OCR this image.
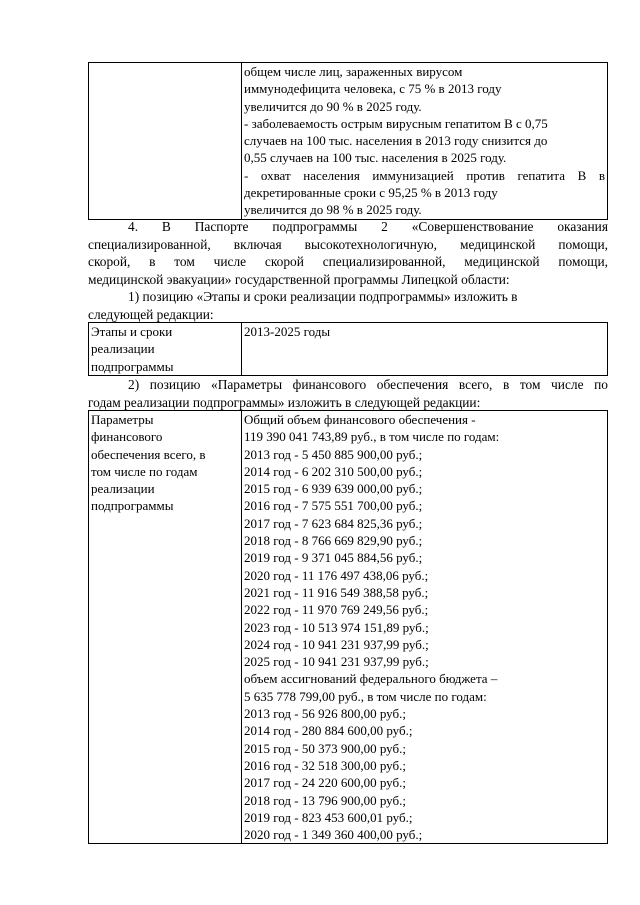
общем числе лиц, зараженных вирусом
иммунодефицита человека, с 75 % в 2013 году
увеличится до 90 % в 2025 году.
- заболеваемость острым вирусным гепатитом В с 0,75
случаев на 100 тыс. населения в 2013 году снизится до
0,55 случаев на 100 тыс. населения в 2025 году.
- охват населения иммунизацией против гепатита В в
декретированные сроки с 95,25 % в 2013 году
увеличится до 98 % в 2025 году.
4. В Паспорте подпрограммы 2 «Совершенствование оказания
специализированной, включая высокотехнологичную, медицинской помощи,
скорой, в том числе скорой специализированной, медицинской помощи,
медицинской эвакуации» государственной программы Липецкой области:
1) позицию «Этапы и сроки реализации подпрограммы» изложить в
следующей редакции:
Этапы и сроки
реализации
подпрограммы

2013-2025 годы
2) позицию «Параметры финансового обеспечения всего, в том числе по
годам реализации подпрограммы» изложить в следующей редакции:
Параметры
финансового
обеспечения всего, в
том числе по годам
реализации
подпрограммы

Общий объем финансового обеспечения -
119 390 041 743,89 руб., в том числе по годам:
2013 год - 5 450 885 900,00 руб.;
2014 год - 6 202 310 500,00 руб.;
2015 год - 6 939 639 000,00 руб.;
2016 год - 7 575 551 700,00 руб.;
2017 год - 7 623 684 825,36 руб.;
2018 год - 8 766 669 829,90 руб.;
2019 год - 9 371 045 884,56 руб.;
2020 год - 11 176 497 438,06 руб.;
2021 год - 11 916 549 388,58 руб.;
2022 год - 11 970 769 249,56 руб.;
2023 год - 10 513 974 151,89 руб.;
2024 год - 10 941 231 937,99 руб.;
2025 год - 10 941 231 937,99 руб.;
объем ассигнований федерального бюджета –
5 635 778 799,00 руб., в том числе по годам:
2013 год - 56 926 800,00 руб.;
2014 год - 280 884 600,00 руб.;
2015 год - 50 373 900,00 руб.;
2016 год - 32 518 300,00 руб.;
2017 год - 24 220 600,00 руб.;
2018 год - 13 796 900,00 руб.;
2019 год - 823 453 600,01 руб.;
2020 год - 1 349 360 400,00 руб.;
